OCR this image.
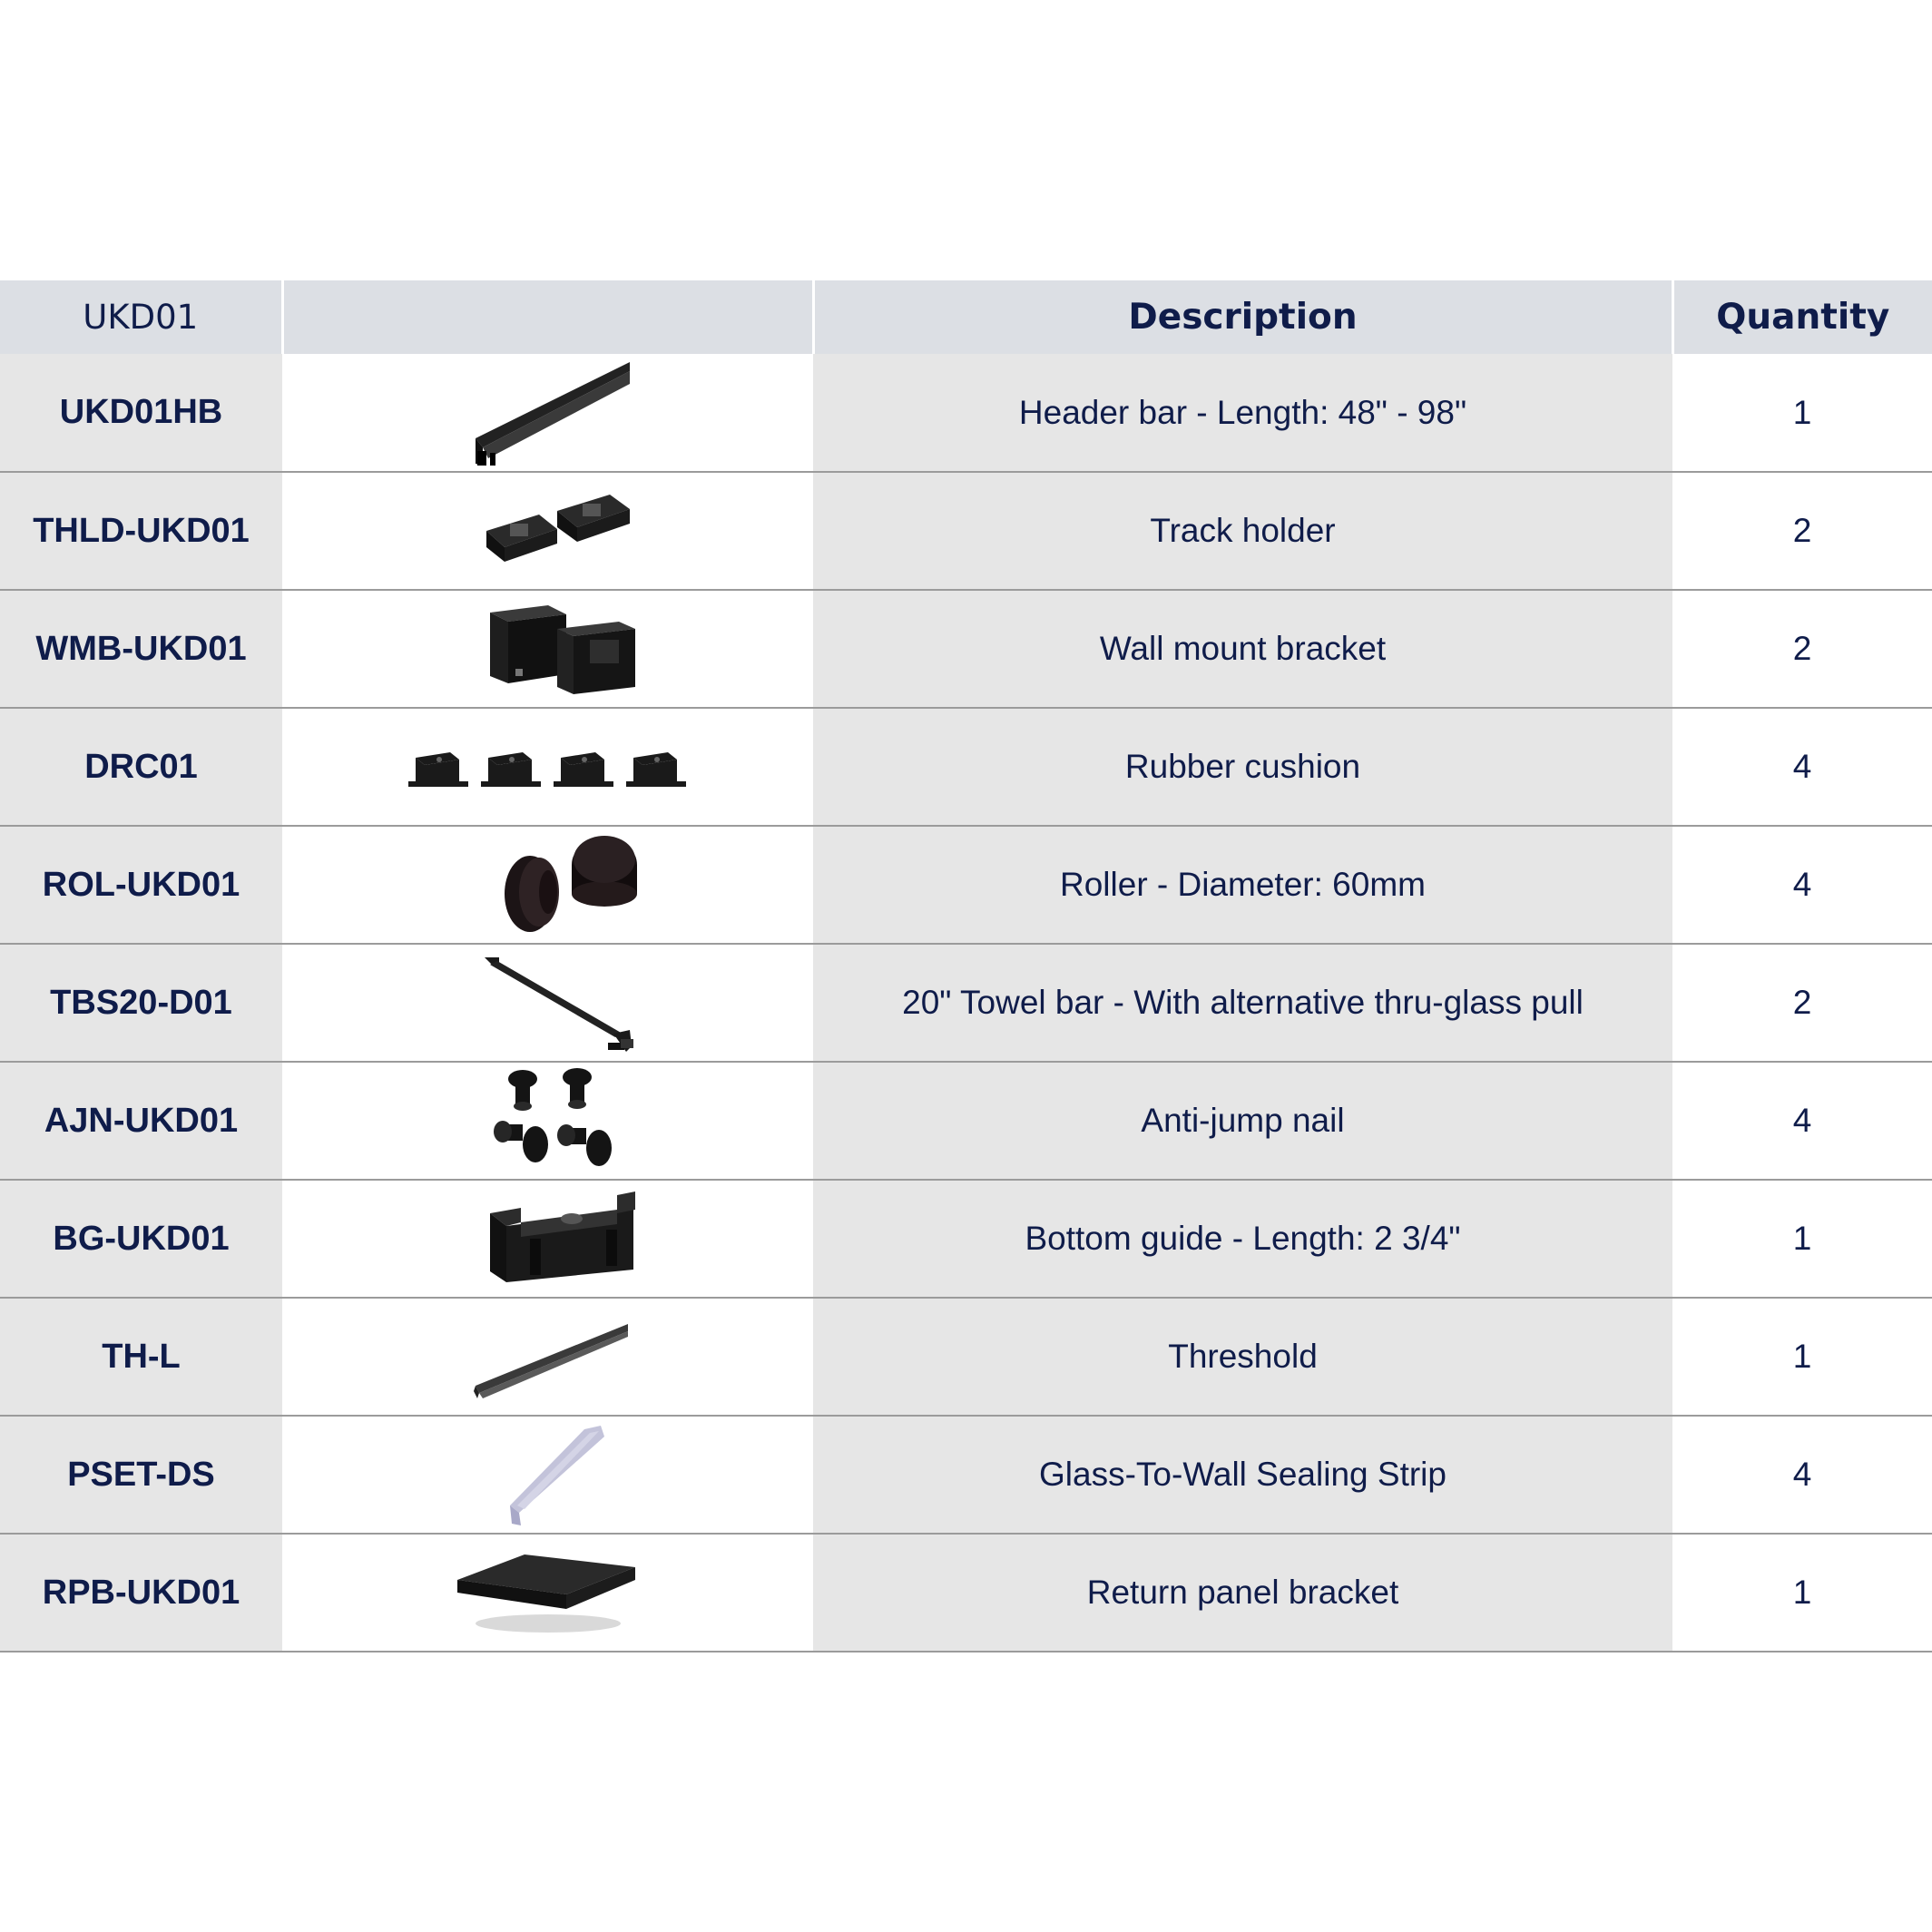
UKD01		Description	Quantity
UKD01HB		Header bar - Length: 48" - 98"	1
THLD-UKD01		Track holder	2
WMB-UKD01		Wall mount bracket	2
DRC01		Rubber cushion	4
ROL-UKD01		Roller - Diameter: 60mm	4
TBS20-D01		20" Towel bar - With alternative thru-glass pull	2
AJN-UKD01		Anti-jump nail	4
BG-UKD01		Bottom guide - Length: 2 3/4"	1
TH-L		Threshold	1
PSET-DS		Glass-To-Wall Sealing Strip	4
RPB-UKD01		Return panel bracket	1
